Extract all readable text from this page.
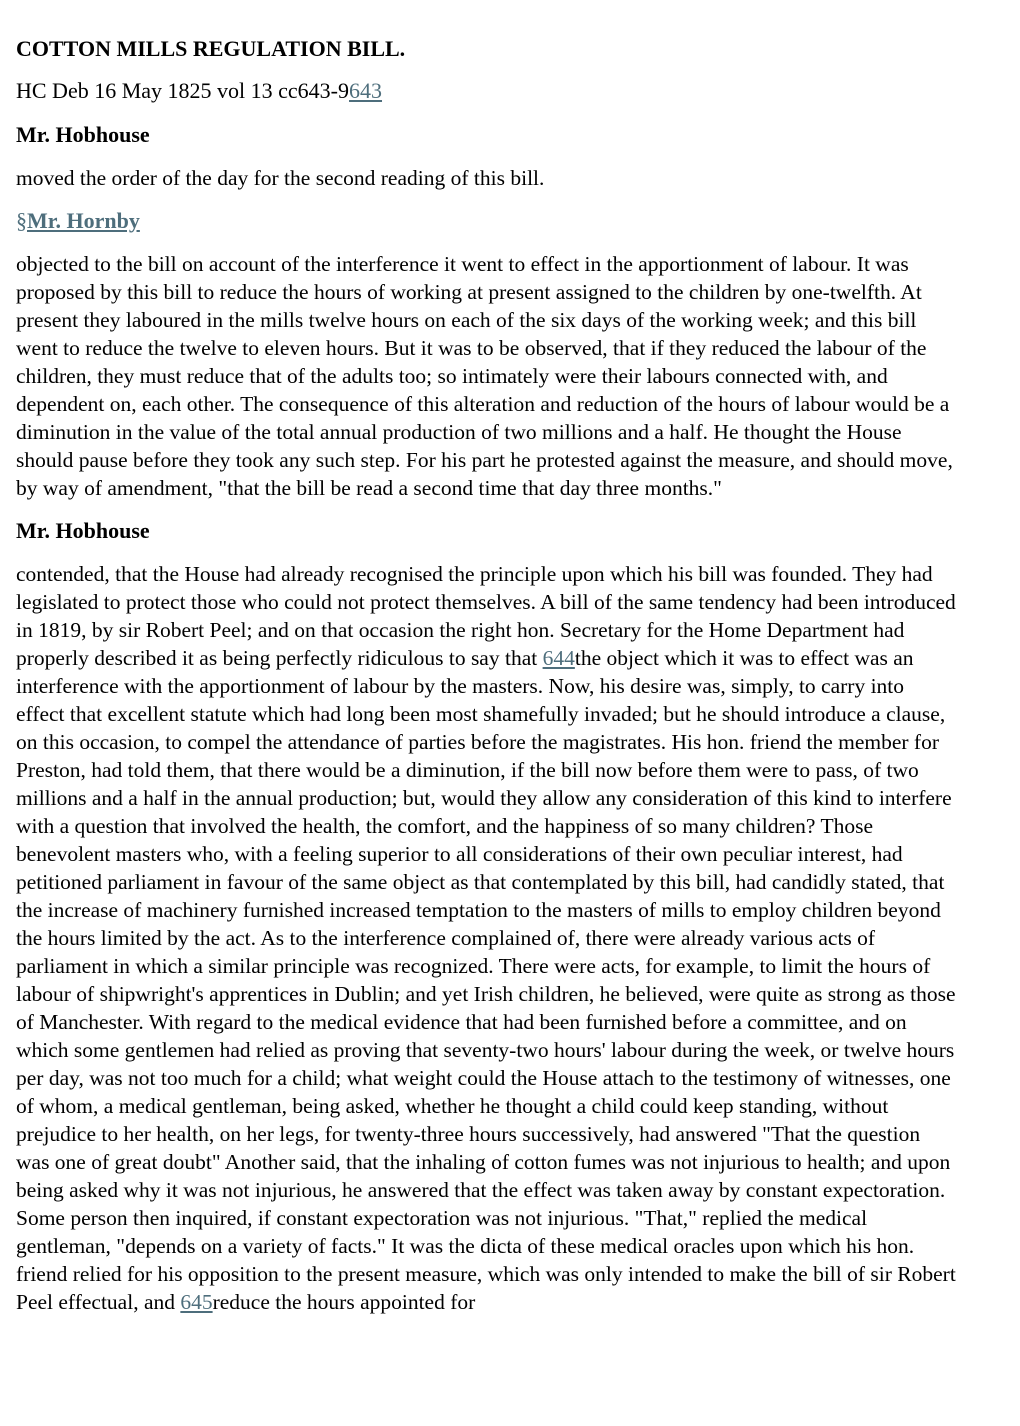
COTTON MILLS REGULATION BILL.

HC Deb 16 May 1825 vol 13 cc643-9643

Mr. Hobhouse

moved the order of the day for the second reading of this bill.

§Mr. Hornby

objected to the bill on account of the interference it went to effect in the apportionment of labour. It was proposed by this bill to reduce the hours of working at present assigned to the children by one-twelfth. At present they laboured in the mills twelve hours on each of the six days of the working week; and this bill went to reduce the twelve to eleven hours. But it was to be observed, that if they reduced the labour of the children, they must reduce that of the adults too; so intimately were their labours connected with, and dependent on, each other. The consequence of this alteration and reduction of the hours of labour would be a diminution in the value of the total annual production of two millions and a half. He thought the House should pause before they took any such step. For his part he protested against the measure, and should move, by way of amendment, "that the bill be read a second time that day three months."

Mr. Hobhouse

contended, that the House had already recognised the principle upon which his bill was founded. They had legislated to protect those who could not protect themselves. A bill of the same tendency had been introduced in 1819, by sir Robert Peel; and on that occasion the right hon. Secretary for the Home Department had properly described it as being perfectly ridiculous to say that 644the object which it was to effect was an interference with the apportionment of labour by the masters. Now, his desire was, simply, to carry into effect that excellent statute which had long been most shamefully invaded; but he should introduce a clause, on this occasion, to compel the attendance of parties before the magistrates. His hon. friend the member for Preston, had told them, that there would be a diminution, if the bill now before them were to pass, of two millions and a half in the annual production; but, would they allow any consideration of this kind to interfere with a question that involved the health, the comfort, and the happiness of so many children? Those benevolent masters who, with a feeling superior to all considerations of their own peculiar interest, had petitioned parliament in favour of the same object as that contemplated by this bill, had candidly stated, that the increase of machinery furnished increased temptation to the masters of mills to employ children beyond the hours limited by the act. As to the interference complained of, there were already various acts of parliament in which a similar principle was recognized. There were acts, for example, to limit the hours of labour of shipwright's apprentices in Dublin; and yet Irish children, he believed, were quite as strong as those of Manchester. With regard to the medical evidence that had been furnished before a committee, and on which some gentlemen had relied as proving that seventy-two hours' labour during the week, or twelve hours per day, was not too much for a child; what weight could the House attach to the testimony of witnesses, one of whom, a medical gentleman, being asked, whether he thought a child could keep standing, without prejudice to her health, on her legs, for twenty-three hours successively, had answered "That the question was one of great doubt" Another said, that the inhaling of cotton fumes was not injurious to health; and upon being asked why it was not injurious, he answered that the effect was taken away by constant expectoration. Some person then inquired, if constant expectoration was not injurious. "That," replied the medical gentleman, "depends on a variety of facts." It was the dicta of these medical oracles upon which his hon. friend relied for his opposition to the present measure, which was only intended to make the bill of sir Robert Peel effectual, and 645reduce the hours appointed for
